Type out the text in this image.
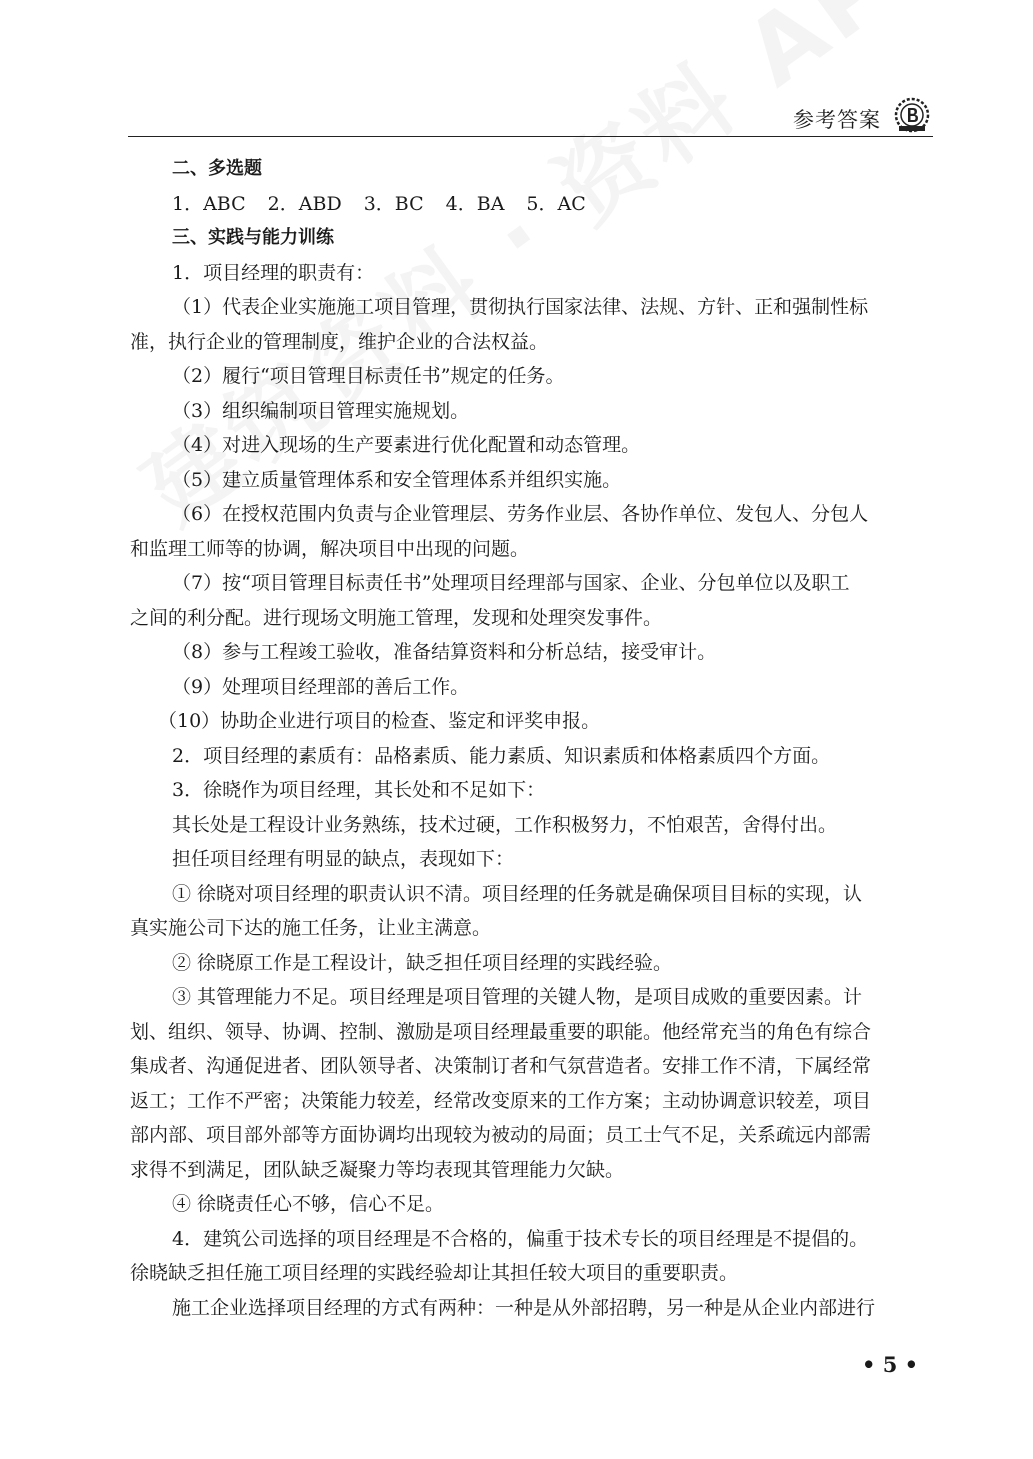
参考答案

二、多选题

1．ABC 2．ABD 3．BC 4．BA 5．AC

三、实践与能力训练

1．项目经理的职责有：

（1）代表企业实施施工项目管理，贯彻执行国家法律、法规、方针、正和强制性标

准，执行企业的管理制度，维护企业的合法权益。

（2）履行“项目管理目标责任书”规定的任务。

（3）组织编制项目管理实施规划。

（4）对进入现场的生产要素进行优化配置和动态管理。

（5）建立质量管理体系和安全管理体系并组织实施。

（6）在授权范围内负责与企业管理层、劳务作业层、各协作单位、发包人、分包人

和监理工师等的协调，解决项目中出现的问题。

（7）按“项目管理目标责任书”处理项目经理部与国家、企业、分包单位以及职工

之间的利分配。进行现场文明施工管理，发现和处理突发事件。

（8）参与工程竣工验收，准备结算资料和分析总结，接受审计。

（9）处理项目经理部的善后工作。

（10）协助企业进行项目的检查、鉴定和评奖申报。

2．项目经理的素质有：品格素质、能力素质、知识素质和体格素质四个方面。

3．徐晓作为项目经理，其长处和不足如下：

其长处是工程设计业务熟练，技术过硬，工作积极努力，不怕艰苦，舍得付出。

担任项目经理有明显的缺点，表现如下：

① 徐晓对项目经理的职责认识不清。项目经理的任务就是确保项目目标的实现，认

真实施公司下达的施工任务，让业主满意。

② 徐晓原工作是工程设计，缺乏担任项目经理的实践经验。

③ 其管理能力不足。项目经理是项目管理的关键人物，是项目成败的重要因素。计

划、组织、领导、协调、控制、激励是项目经理最重要的职能。他经常充当的角色有综合

集成者、沟通促进者、团队领导者、决策制订者和气氛营造者。安排工作不清，下属经常

返工；工作不严密；决策能力较差，经常改变原来的工作方案；主动协调意识较差，项目

部内部、项目部外部等方面协调均出现较为被动的局面；员工士气不足，关系疏远内部需

求得不到满足，团队缺乏凝聚力等均表现其管理能力欠缺。

④ 徐晓责任心不够，信心不足。

4．建筑公司选择的项目经理是不合格的，偏重于技术专长的项目经理是不提倡的。

徐晓缺乏担任施工项目经理的实践经验却让其担任较大项目的重要职责。

施工企业选择项目经理的方式有两种：一种是从外部招聘，另一种是从企业内部进行

• 5 •
